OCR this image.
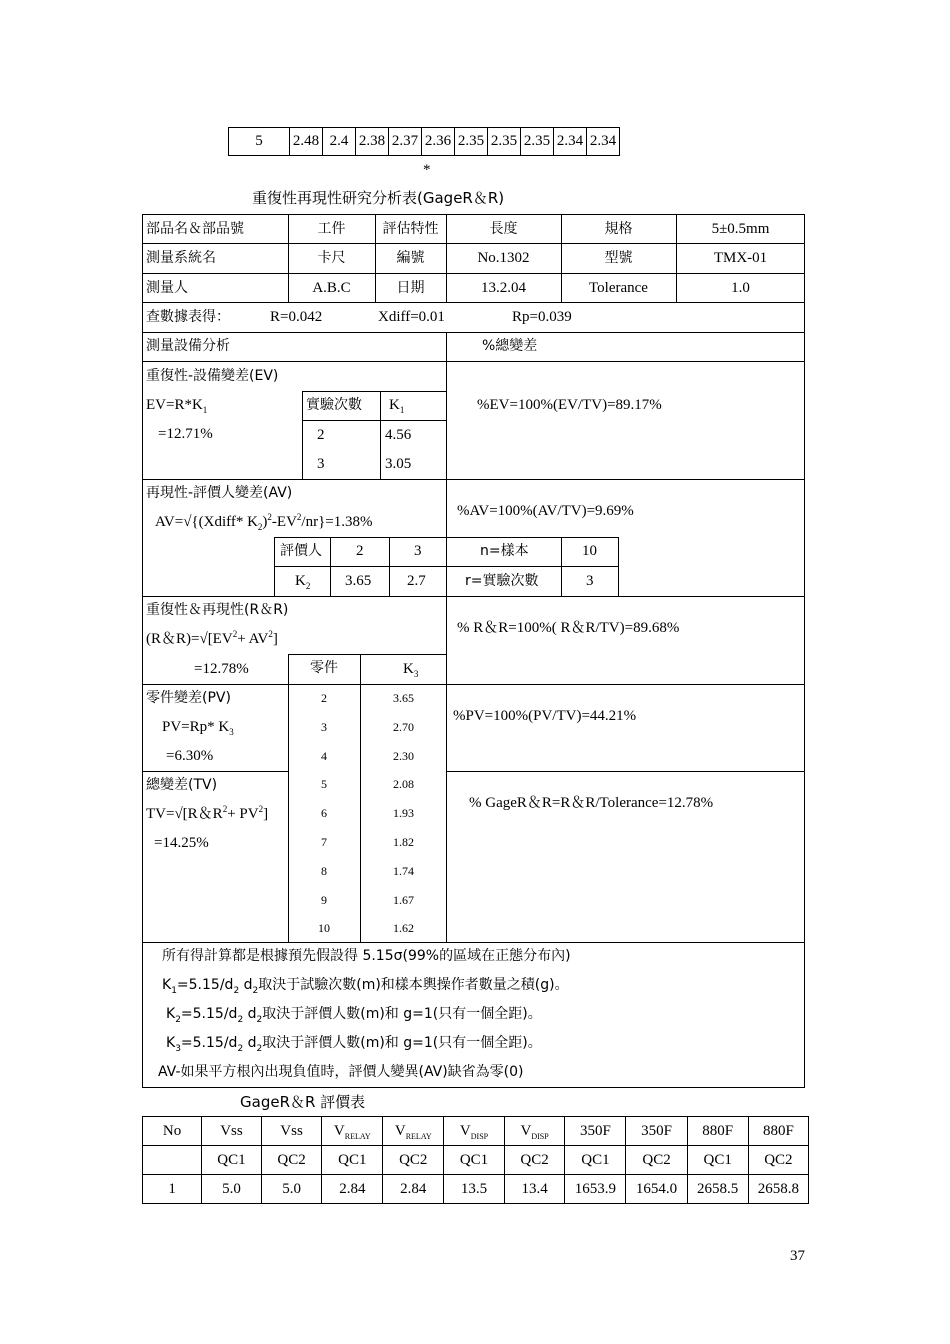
5	2.48	2.4	2.38	2.37	2.36	2.35	2.35	2.35	2.34	2.34
*
重復性再現性研究分析表(GageR＆R)
部品名＆部品號	工件	評估特性	長度	規格	5±0.5mm
測量系統名	卡尺	編號	No.1302	型號	TMX-01
測量人	A.B.C	日期	13.2.04	Tolerance	1.0
查數據表得：	R=0.042	Xdiff=0.01	Rp=0.039
測量設備分析	%總變差
重復性-設備變差(EV)
$EV=R*K_1$
=12.71%
實驗次數 $K_1$
2	4.56
3	3.05
%EV=100%(EV/TV)=89.17%
再現性-評價人變差(AV)
AV=√{(Xdiff* $K_2)^2-EV^2/nr\}=1.38\%$
%AV=100%(AV/TV)=9.69%
評價人 2	3	n=樣本	10
$K_2$ 3.65 2.7	r=實驗次數	3
重復性＆再現性(R＆R)
(R＆$R)=√[EV^2+ AV^2]$
=12.78%
% R＆R=100%( R＆R/TV)=89.68%
零件	$K_3$
2	3.65
3	2.70
4	2.30
5	2.08
6	1.93
7	1.82
8	1.74
9	1.67
10	1.62
零件變差(PV)
PV=Rp* $K_3$
=6.30%
%PV=100%(PV/TV)=44.21%
總變差(TV)
TV=√[R＆$R^2+ PV^2$]
=14.25%
% GageR＆R=R＆R/Tolerance=12.78%
所有得計算都是根據預先假設得 5.15σ(99%的區域在正態分布內)
$K_1=5.15/d_2$ $d_2$取決于試驗次數(m)和樣本輿操作者數量之積(g)。
$K_2=5.15/d_2$ $d_2$取決于評價人數(m)和 g=1(只有一個全距)。
$K_3=5.15/d_2$ $d_2$取決于評價人數(m)和 g=1(只有一個全距)。
AV-如果平方根內出現負值時，評價人變異(AV)缺省為零(0)
GageR＆R 評價表
No	Vss	Vss	$V_{RELAY}$	$V_{RELAY}$	$V_{DISP}$	$V_{DISP}$	350F	350F	880F	880F
	QC1	QC2	QC1	QC2	QC1	QC2	QC1	QC2	QC1	QC2
1	5.0	5.0	2.84	2.84	13.5	13.4	1653.9	1654.0	2658.5	2658.8
37
